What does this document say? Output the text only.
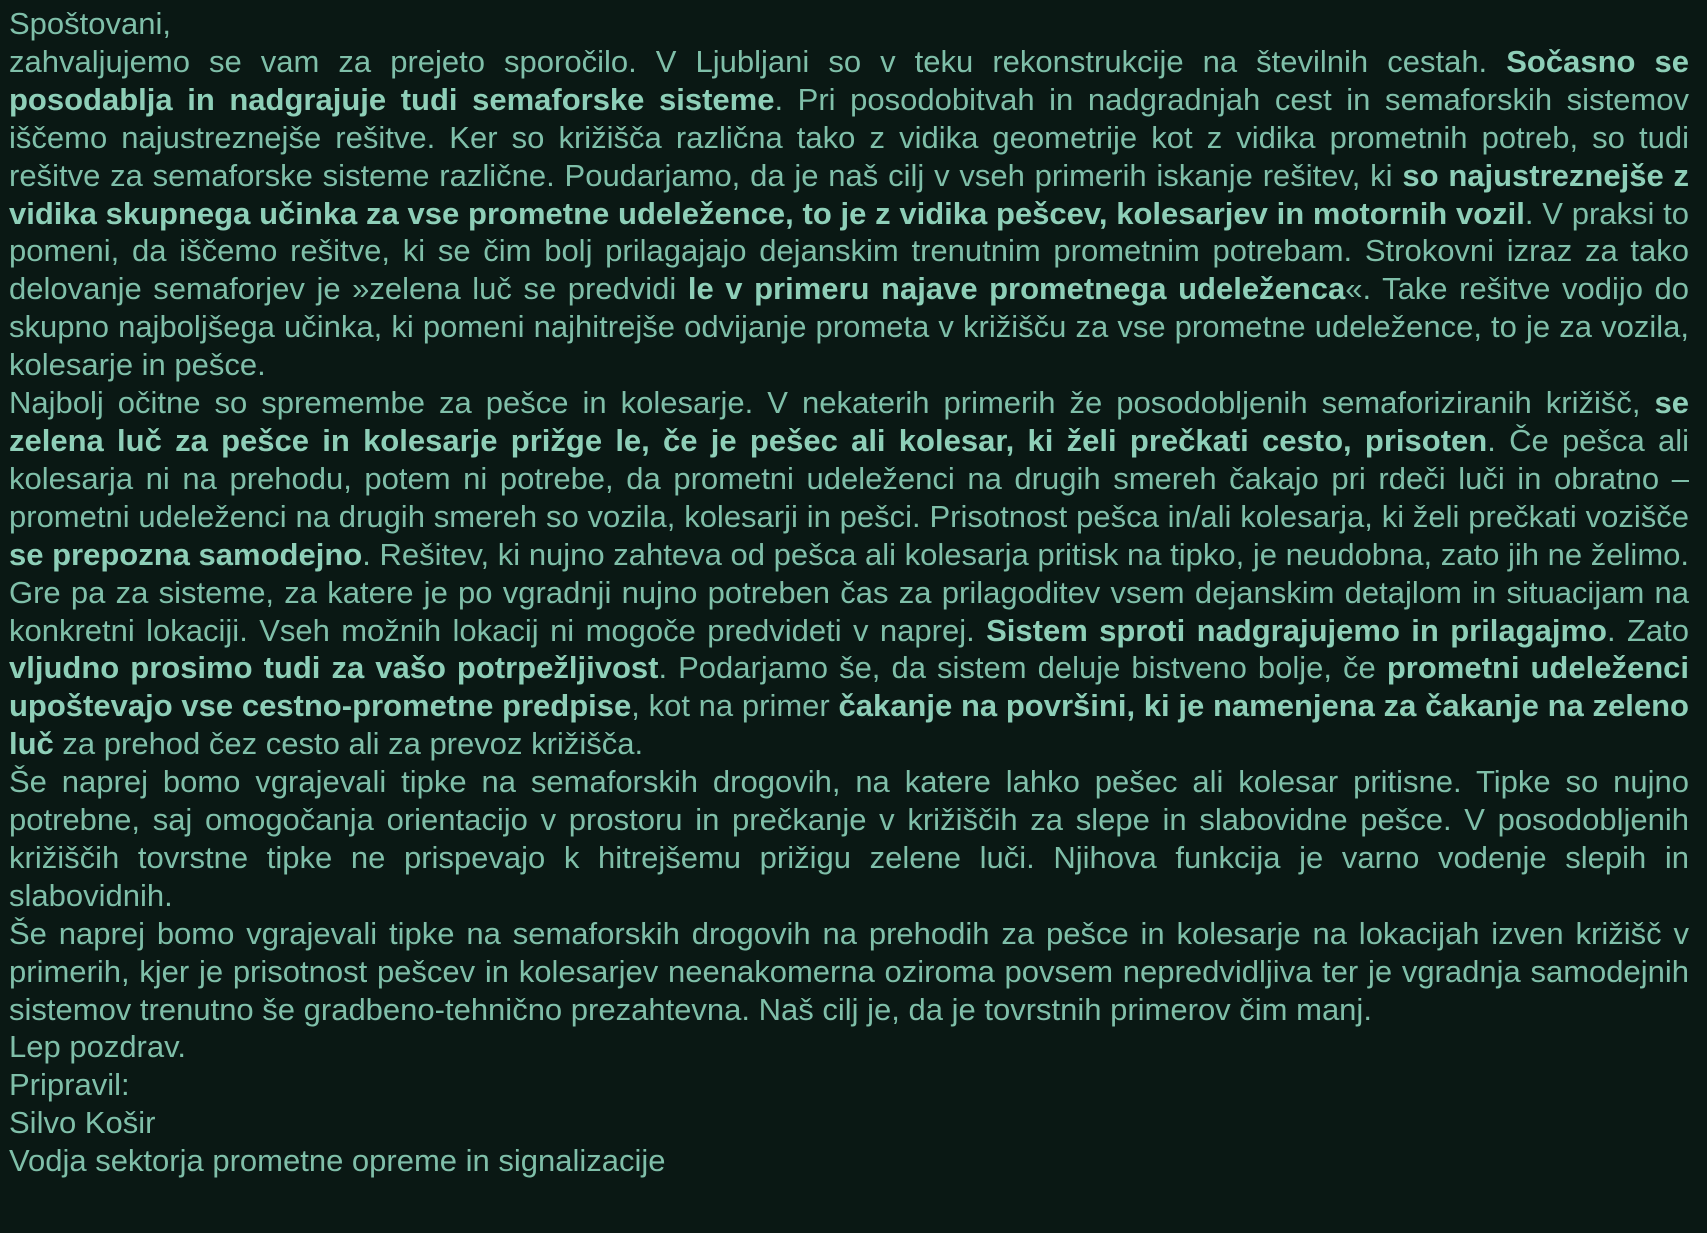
Spoštovani,

zahvaljujemo se vam za prejeto sporočilo. V Ljubljani so v teku rekonstrukcije na številnih cestah. Sočasno se posodablja in nadgrajuje tudi semaforske sisteme. Pri posodobitvah in nadgradnjah cest in semaforskih sistemov iščemo najustreznejše rešitve. Ker so križišča različna tako z vidika geometrije kot z vidika prometnih potreb, so tudi rešitve za semaforske sisteme različne. Poudarjamo, da je naš cilj v vseh primerih iskanje rešitev, ki so najustreznejše z vidika skupnega učinka za vse prometne udeležence, to je z vidika pešcev, kolesarjev in motornih vozil. V praksi to pomeni, da iščemo rešitve, ki se čim bolj prilagajajo dejanskim trenutnim prometnim potrebam. Strokovni izraz za tako delovanje semaforjev je »zelena luč se predvidi le v primeru najave prometnega udeleženca«. Take rešitve vodijo do skupno najboljšega učinka, ki pomeni najhitrejše odvijanje prometa v križišču za vse prometne udeležence, to je za vozila, kolesarje in pešce.

Najbolj očitne so spremembe za pešce in kolesarje. V nekaterih primerih že posodobljenih semaforiziranih križišč, se zelena luč za pešce in kolesarje prižge le, če je pešec ali kolesar, ki želi prečkati cesto, prisoten. Če pešca ali kolesarja ni na prehodu, potem ni potrebe, da prometni udeleženci na drugih smereh čakajo pri rdeči luči in obratno – prometni udeleženci na drugih smereh so vozila, kolesarji in pešci. Prisotnost pešca in/ali kolesarja, ki želi prečkati vozišče se prepozna samodejno. Rešitev, ki nujno zahteva od pešca ali kolesarja pritisk na tipko, je neudobna, zato jih ne želimo. Gre pa za sisteme, za katere je po vgradnji nujno potreben čas za prilagoditev vsem dejanskim detajlom in situacijam na konkretni lokaciji. Vseh možnih lokacij ni mogoče predvideti v naprej. Sistem sproti nadgrajujemo in prilagajmo. Zato vljudno prosimo tudi za vašo potrpežljivost. Podarjamo še, da sistem deluje bistveno bolje, če prometni udeleženci upoštevajo vse cestno-prometne predpise, kot na primer čakanje na površini, ki je namenjena za čakanje na zeleno luč za prehod čez cesto ali za prevoz križišča.

Še naprej bomo vgrajevali tipke na semaforskih drogovih, na katere lahko pešec ali kolesar pritisne. Tipke so nujno potrebne, saj omogočanja orientacijo v prostoru in prečkanje v križiščih za slepe in slabovidne pešce. V posodobljenih križiščih tovrstne tipke ne prispevajo k hitrejšemu prižigu zelene luči. Njihova funkcija je varno vodenje slepih in slabovidnih.

Še naprej bomo vgrajevali tipke na semaforskih drogovih na prehodih za pešce in kolesarje na lokacijah izven križišč v primerih, kjer je prisotnost pešcev in kolesarjev neenakomerna oziroma povsem nepredvidljiva ter je vgradnja samodejnih sistemov trenutno še gradbeno-tehnično prezahtevna. Naš cilj je, da je tovrstnih primerov čim manj.

Lep pozdrav.

Pripravil:

Silvo Košir

Vodja sektorja prometne opreme in signalizacije
